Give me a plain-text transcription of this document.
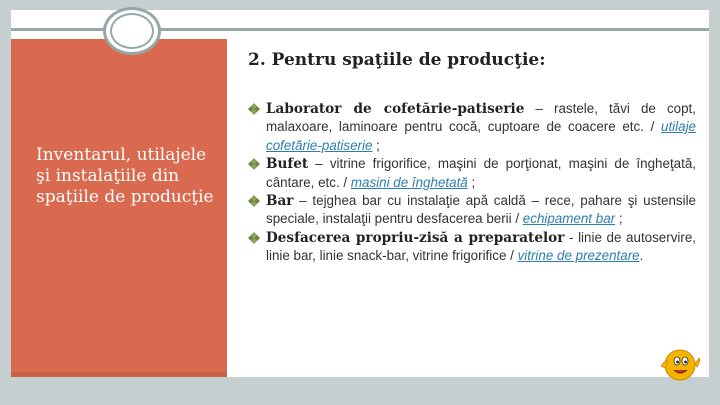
2. Pentru spaţiile de producţie:
Inventarul, utilajele şi instalaţiile din spaţiile de producţie
Laborator de cofetărie-patiserie – rastele, tăvi de copt, malaxoare, laminoare pentru cocă, cuptoare de coacere etc. / utilaje cofetărie-patiserie ;
Bufet – vitrine frigorifice, maşini de porţionat, maşini de îngheţată, cântare, etc. / masini de înghetată ;
Bar – tejghea bar cu instalaţie apă caldă – rece, pahare şi ustensile speciale, instalaţii pentru desfacerea berii / echipament bar ;
Desfacerea propriu-zisă a preparatelor - linie de autoservire, linie bar, linie snack-bar, vitrine frigorifice / vitrine de prezentare.
